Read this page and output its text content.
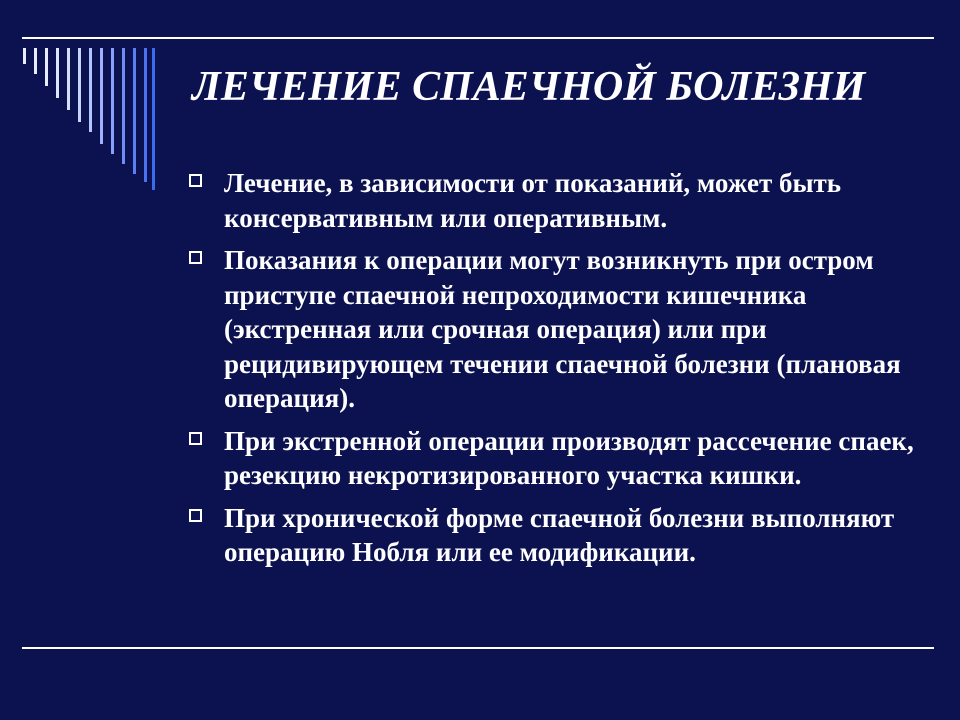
ЛЕЧЕНИЕ СПАЕЧНОЙ БОЛЕЗНИ
Лечение, в зависимости от показаний, может быть консервативным или оперативным.
Показания к операции могут возникнуть при остром приступе спаечной непроходимости кишечника (экстренная или срочная операция) или при рецидивирующем течении спаечной болезни (плановая операция).
При экстренной операции производят рассечение спаек, резекцию некротизированного участка кишки.
При хронической форме спаечной болезни выполняют операцию Нобля или ее модификации.
